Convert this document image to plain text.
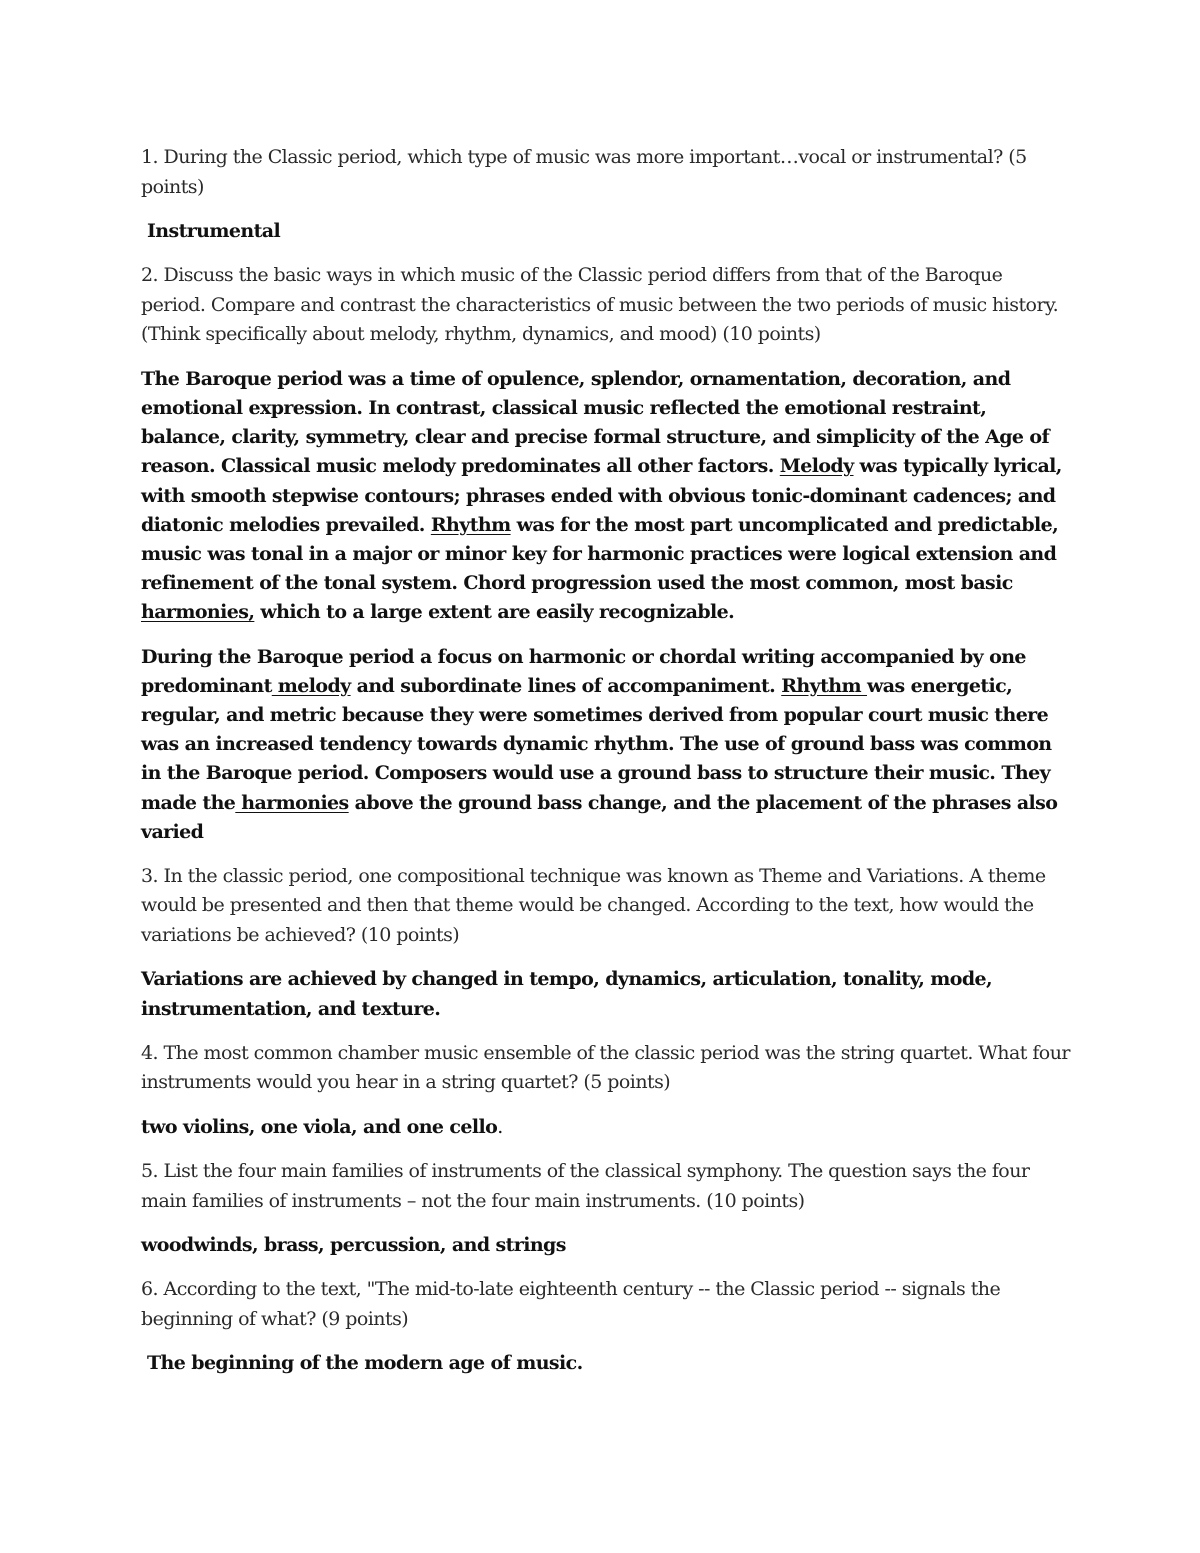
1. During the Classic period, which type of music was more important…vocal or instrumental? (5 points)

Instrumental

2. Discuss the basic ways in which music of the Classic period differs from that of the Baroque period. Compare and contrast the characteristics of music between the two periods of music history. (Think specifically about melody, rhythm, dynamics, and mood) (10 points)

The Baroque period was a time of opulence, splendor, ornamentation, decoration, and emotional expression. In contrast, classical music reflected the emotional restraint, balance, clarity, symmetry, clear and precise formal structure, and simplicity of the Age of reason. Classical music melody predominates all other factors. Melody was typically lyrical, with smooth stepwise contours; phrases ended with obvious tonic-dominant cadences; and diatonic melodies prevailed. Rhythm was for the most part uncomplicated and predictable, music was tonal in a major or minor key for harmonic practices were logical extension and refinement of the tonal system. Chord progression used the most common, most basic harmonies, which to a large extent are easily recognizable.

During the Baroque period a focus on harmonic or chordal writing accompanied by one predominant melody and subordinate lines of accompaniment. Rhythm was energetic, regular, and metric because they were sometimes derived from popular court music there was an increased tendency towards dynamic rhythm. The use of ground bass was common in the Baroque period. Composers would use a ground bass to structure their music. They made the harmonies above the ground bass change, and the placement of the phrases also varied

3. In the classic period, one compositional technique was known as Theme and Variations. A theme would be presented and then that theme would be changed. According to the text, how would the variations be achieved? (10 points)

Variations are achieved by changed in tempo, dynamics, articulation, tonality, mode, instrumentation, and texture.

4. The most common chamber music ensemble of the classic period was the string quartet. What four instruments would you hear in a string quartet? (5 points)

two violins, one viola, and one cello.

5. List the four main families of instruments of the classical symphony. The question says the four main families of instruments – not the four main instruments. (10 points)

woodwinds, brass, percussion, and strings

6. According to the text, "The mid-to-late eighteenth century -- the Classic period -- signals the beginning of what? (9 points)

The beginning of the modern age of music.
